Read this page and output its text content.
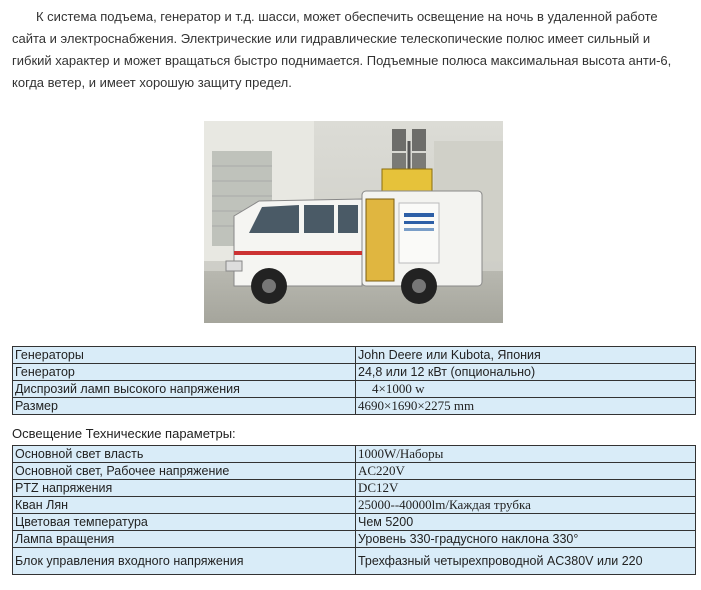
К система подъема, генератор и т.д. шасси, может обеспечить освещение на ночь в удаленной работе сайта и электроснабжения. Электрические или гидравлические телескопические полюс имеет сильный и гибкий характер и может вращаться быстро поднимается. Подъемные полюса максимальная высота анти-6, когда ветер, и имеет хорошую защиту предел.

Генераторы	John Deere или Kubota, Япония
Генератор	24,8 или 12 кВт (опционально)
Диспрозий ламп высокого напряжения	4×1000 w
Размер	4690×1690×2275 mm
Освещение Технические параметры:
Основной свет власть	1000W/Наборы
Основной свет, Рабочее напряжение	AC220V
PTZ напряжения	DC12V
Кван Лян	25000--40000lm/Каждая трубка
Цветовая температура	Чем 5200
Лампа вращения	Уровень 330-градусного наклона 330°
Блок управления входного напряжения	Трехфазный четырехпроводной AC380V или 220
